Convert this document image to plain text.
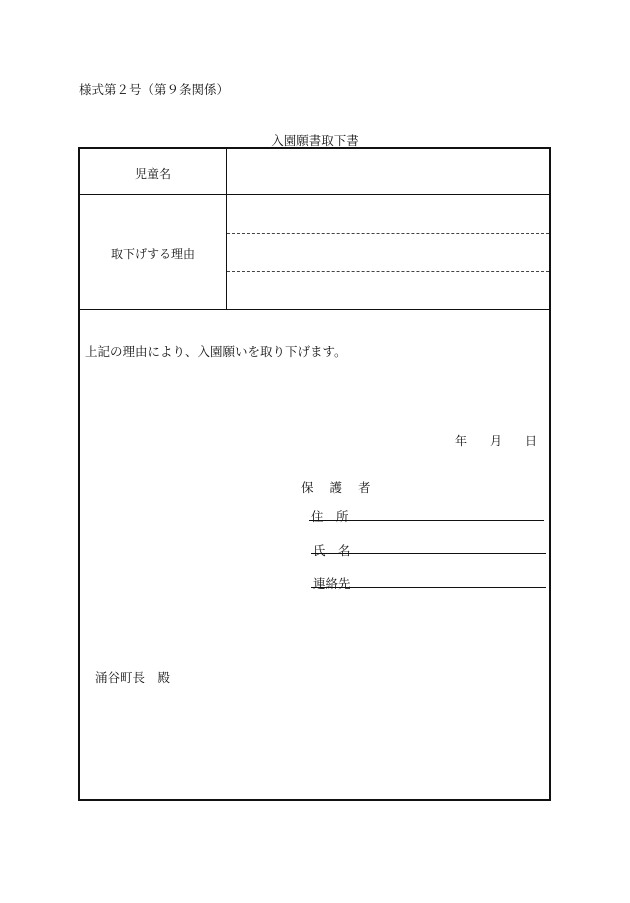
様式第２号（第９条関係）
入園願書取下書
児童名
取下げする理由
上記の理由により、入園願いを取り下げます。
年 月 日
保 護 者
住　所
氏　名
連絡先
涌谷町長　殿
